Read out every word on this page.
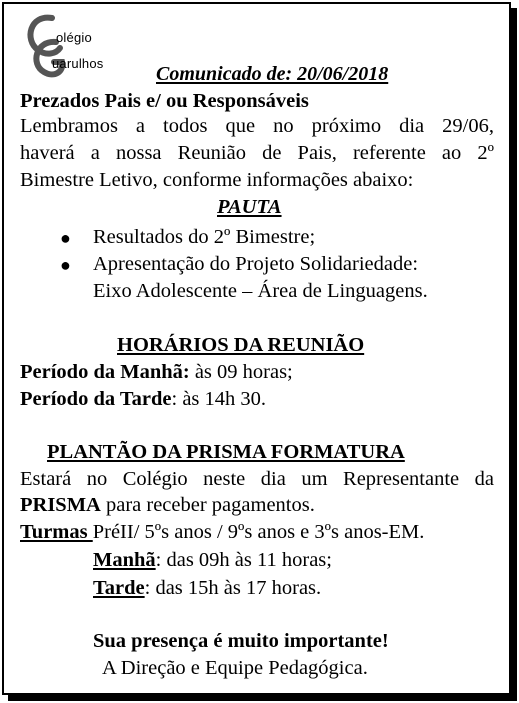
olégio
uarulhos	Comunicado de: 20/06/2018
Prezados Pais e/ ou Responsáveis
Lembramos a todos que no próximo dia 29/06,
haverá a nossa Reunião de Pais, referente ao 2º
Bimestre Letivo, conforme informações abaixo:
PAUTA
● Resultados do 2º Bimestre;
● Apresentação do Projeto Solidariedade:
Eixo Adolescente – Área de Linguagens.
HORÁRIOS DA REUNIÃO
Período da Manhã: às 09 horas;
Período da Tarde: às 14h 30.
PLANTÃO DA PRISMA FORMATURA
Estará no Colégio neste dia um Representante da
PRISMA para receber pagamentos.
Turmas PréII/ 5ºs anos / 9ºs anos e 3ºs anos-EM.
Manhã: das 09h às 11 horas;
Tarde: das 15h às 17 horas.
Sua presença é muito importante!
A Direção e Equipe Pedagógica.
